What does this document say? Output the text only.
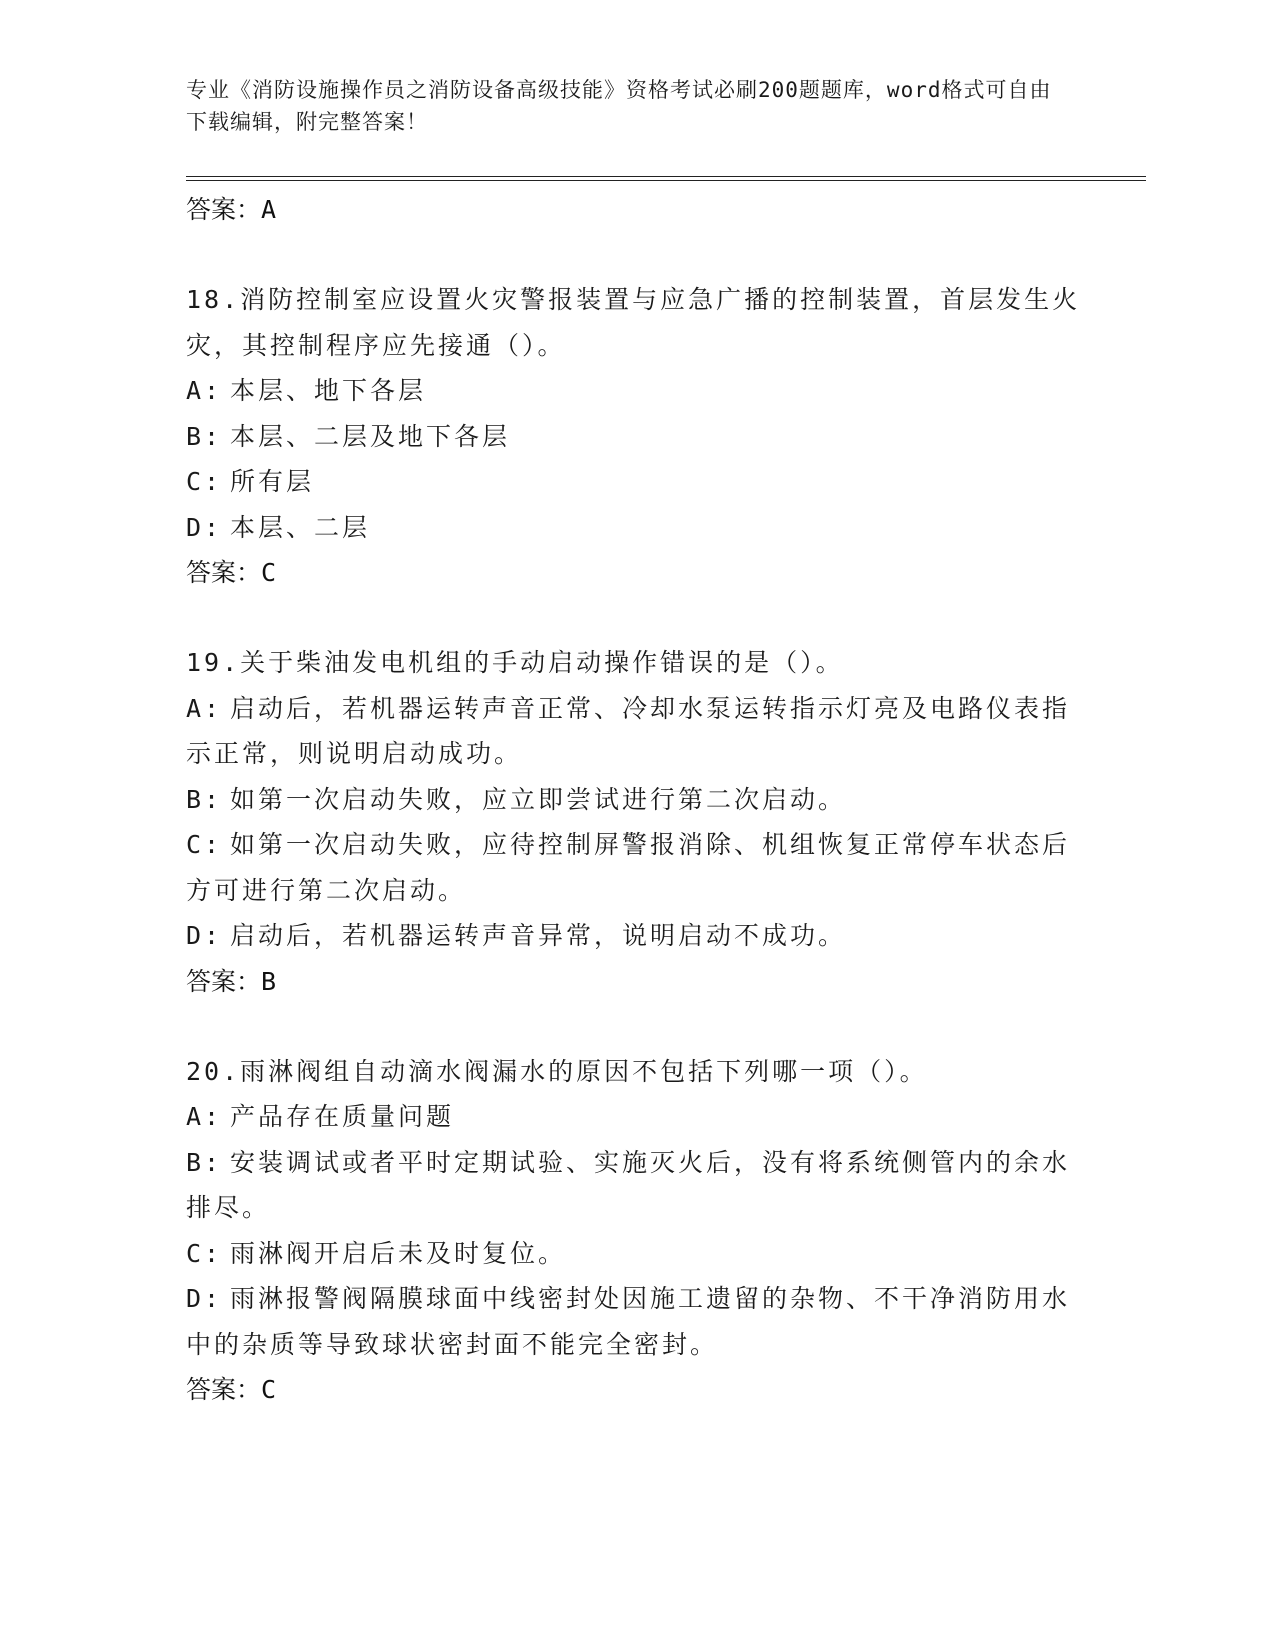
专业《消防设施操作员之消防设备高级技能》资格考试必刷200题题库，word格式可自由下载编辑，附完整答案！
答案：A
18.消防控制室应设置火灾警报装置与应急广播的控制装置，首层发生火灾，其控制程序应先接通（）。
A: 本层、地下各层
B: 本层、二层及地下各层
C: 所有层
D: 本层、二层
答案：C
19.关于柴油发电机组的手动启动操作错误的是（）。
A: 启动后，若机器运转声音正常、冷却水泵运转指示灯亮及电路仪表指示正常，则说明启动成功。
B: 如第一次启动失败，应立即尝试进行第二次启动。
C: 如第一次启动失败，应待控制屏警报消除、机组恢复正常停车状态后方可进行第二次启动。
D: 启动后，若机器运转声音异常，说明启动不成功。
答案：B
20.雨淋阀组自动滴水阀漏水的原因不包括下列哪一项（）。
A: 产品存在质量问题
B: 安装调试或者平时定期试验、实施灭火后，没有将系统侧管内的余水排尽。
C: 雨淋阀开启后未及时复位。
D: 雨淋报警阀隔膜球面中线密封处因施工遗留的杂物、不干净消防用水中的杂质等导致球状密封面不能完全密封。
答案：C
